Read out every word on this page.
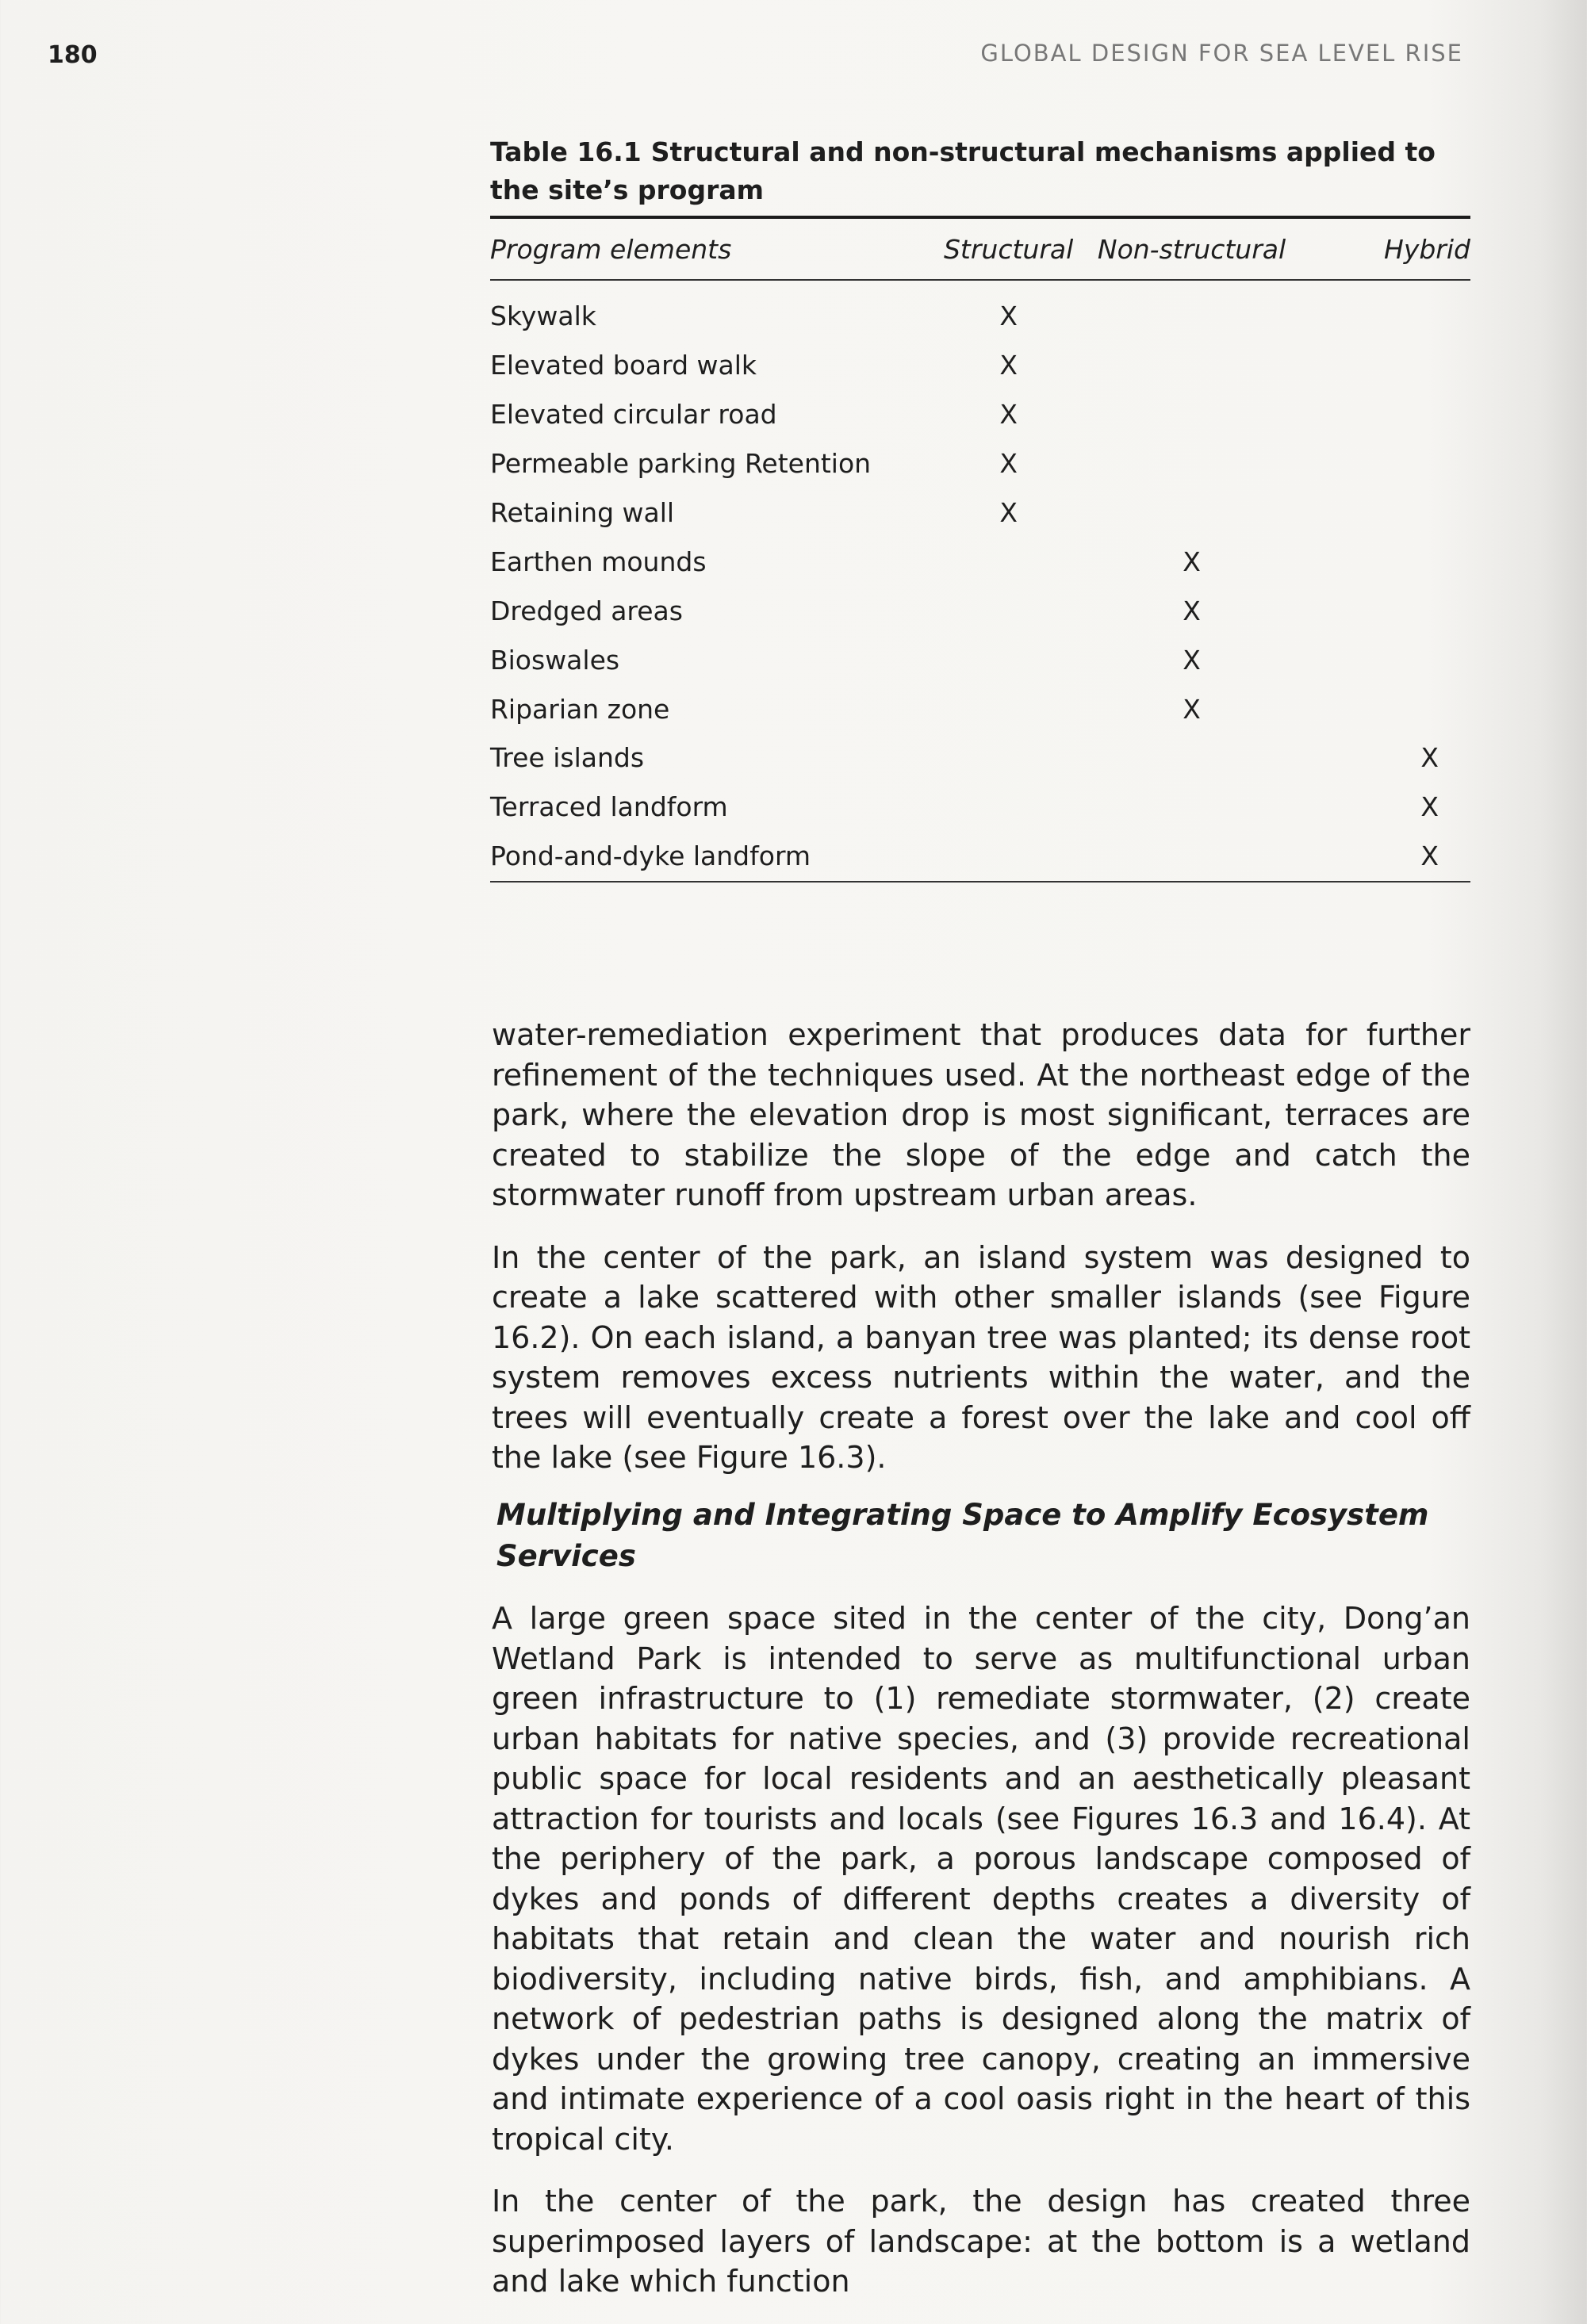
180	GLOBAL DESIGN FOR SEA LEVEL RISE
Table 16.1 Structural and non-structural mechanisms applied to the site’s program
Program elements	Structural		Non-structural	Hybrid
Skywalk	X			
Elevated board walk	X			
Elevated circular road	X			
Permeable parking Retention	X			
Retaining wall	X			
Earthen mounds			X	
Dredged areas			X	
Bioswales			X	
Riparian zone			X	
Tree islands				X
Terraced landform				X
Pond-and-dyke landform				X

water-remediation experiment that produces data for further refinement of the techniques used. At the northeast edge of the park, where the elevation drop is most significant, terraces are created to stabilize the slope of the edge and catch the stormwater runoff from upstream urban areas.

In the center of the park, an island system was designed to create a lake scattered with other smaller islands (see Figure 16.2). On each island, a banyan tree was planted; its dense root system removes excess nutrients within the water, and the trees will eventually create a forest over the lake and cool off the lake (see Figure 16.3).

Multiplying and Integrating Space to Amplify Ecosystem Services

A large green space sited in the center of the city, Dong’an Wetland Park is intended to serve as multifunctional urban green infrastructure to (1) remediate stormwater, (2) create urban habitats for native species, and (3) provide recreational public space for local residents and an aesthetically pleasant attraction for tourists and locals (see Figures 16.3 and 16.4). At the periphery of the park, a porous landscape composed of dykes and ponds of different depths creates a diversity of habitats that retain and clean the water and nourish rich biodiversity, including native birds, fish, and amphibians. A network of pedestrian paths is designed along the matrix of dykes under the growing tree canopy, creating an immersive and intimate experience of a cool oasis right in the heart of this tropical city.

In the center of the park, the design has created three superimposed layers of landscape: at the bottom is a wetland and lake which function
